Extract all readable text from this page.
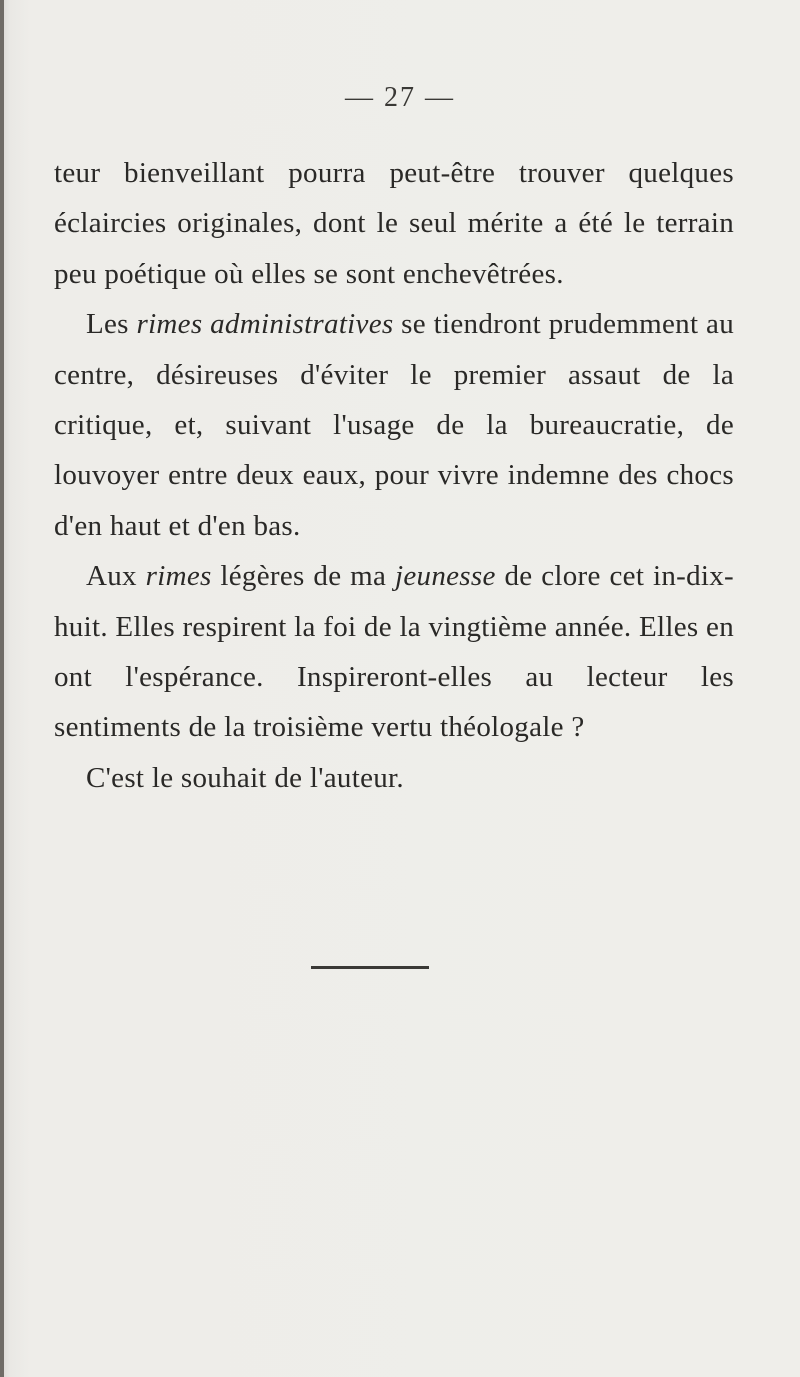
— 27 —

teur bienveillant pourra peut-être trouver quelques éclaircies originales, dont le seul mérite a été le terrain peu poétique où elles se sont enchevêtrées.

Les rimes administratives se tiendront prudemment au centre, désireuses d'éviter le premier assaut de la critique, et, suivant l'usage de la bureaucratie, de louvoyer entre deux eaux, pour vivre indemne des chocs d'en haut et d'en bas.

Aux rimes légères de ma jeunesse de clore cet in-dix-huit. Elles respirent la foi de la vingtième année. Elles en ont l'espérance. Inspireront-elles au lecteur les sentiments de la troisième vertu théologale ?

C'est le souhait de l'auteur.
